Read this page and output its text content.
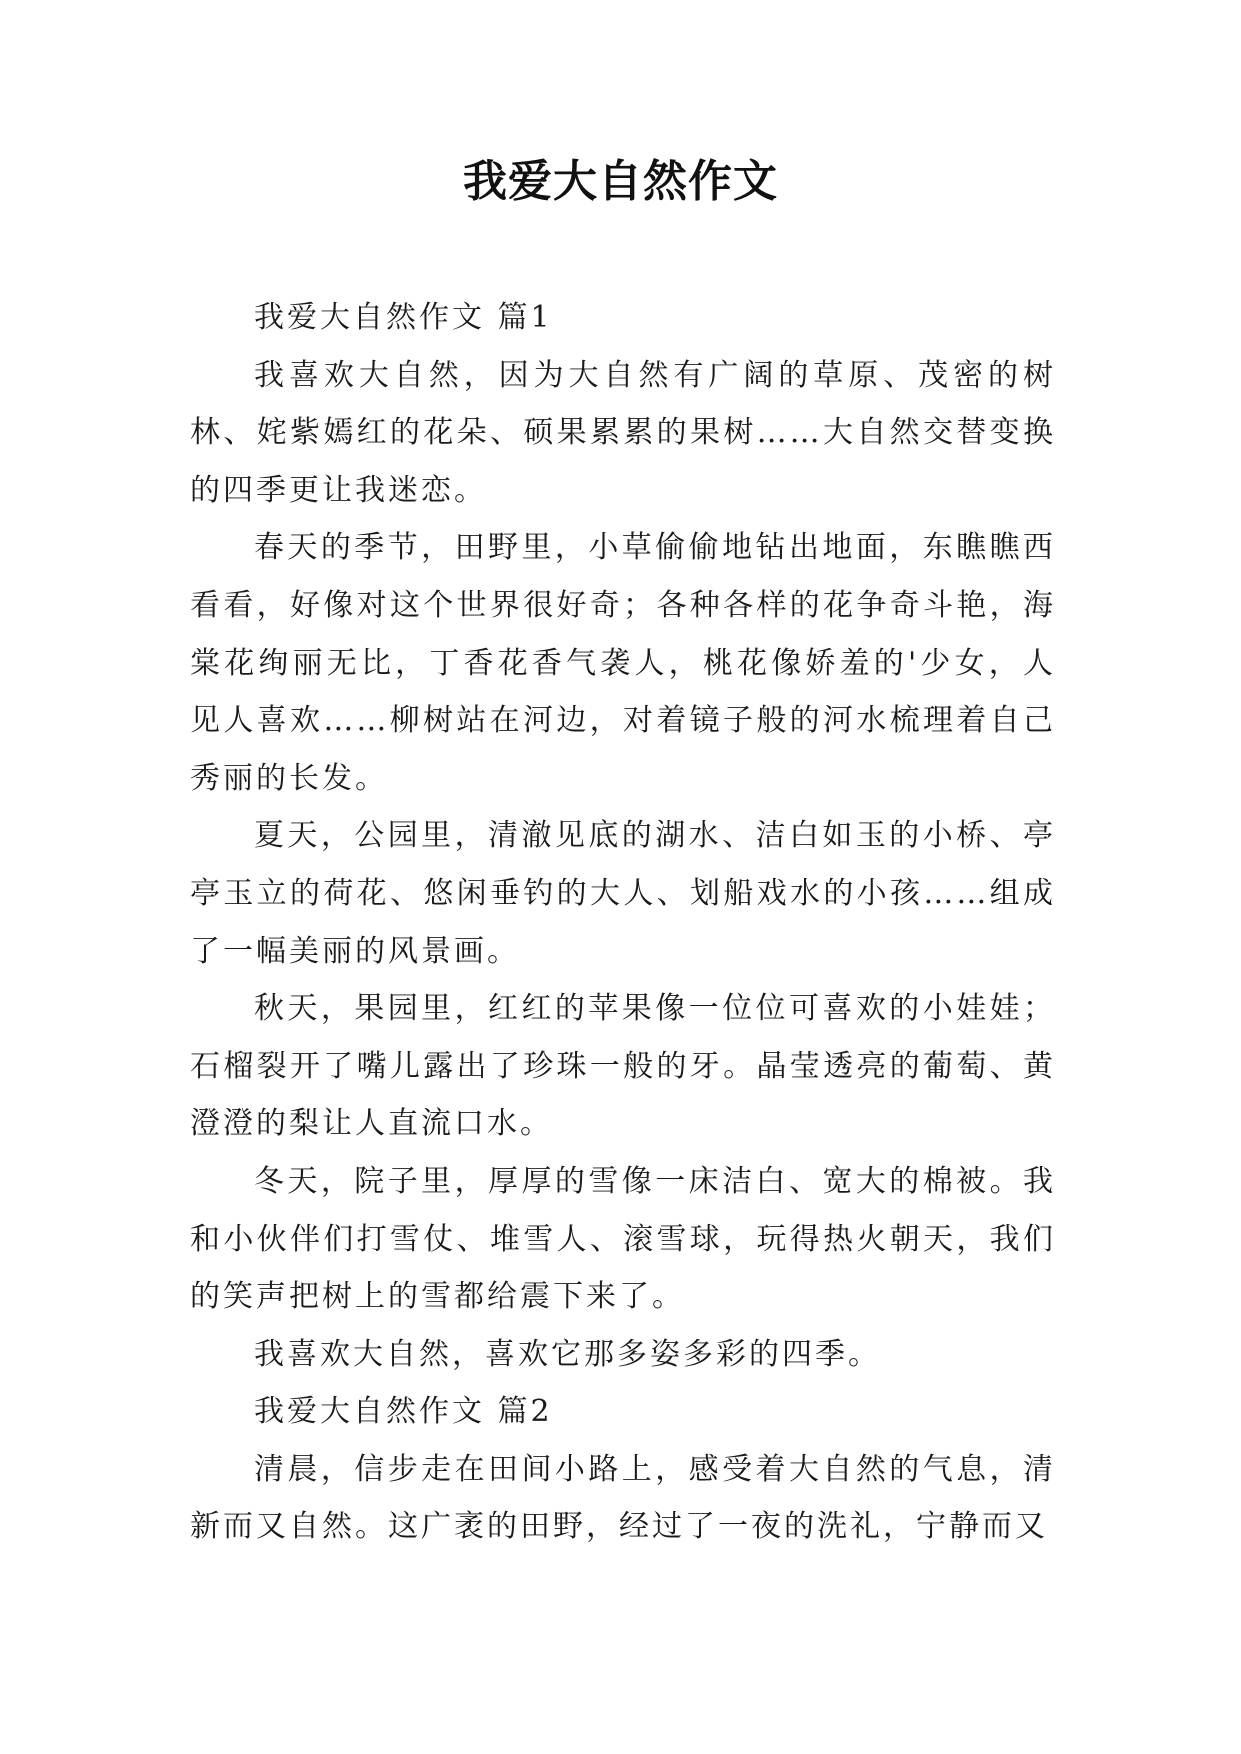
我爱大自然作文

我爱大自然作文 篇1

我喜欢大自然，因为大自然有广阔的草原、茂密的树林、姹紫嫣红的花朵、硕果累累的果树……大自然交替变换的四季更让我迷恋。

春天的季节，田野里，小草偷偷地钻出地面，东瞧瞧西看看，好像对这个世界很好奇；各种各样的花争奇斗艳，海棠花绚丽无比，丁香花香气袭人，桃花像娇羞的'少女，人见人喜欢……柳树站在河边，对着镜子般的河水梳理着自己秀丽的长发。

夏天，公园里，清澈见底的湖水、洁白如玉的小桥、亭亭玉立的荷花、悠闲垂钓的大人、划船戏水的小孩……组成了一幅美丽的风景画。

秋天，果园里，红红的苹果像一位位可喜欢的小娃娃；石榴裂开了嘴儿露出了珍珠一般的牙。晶莹透亮的葡萄、黄澄澄的梨让人直流口水。

冬天，院子里，厚厚的雪像一床洁白、宽大的棉被。我和小伙伴们打雪仗、堆雪人、滚雪球，玩得热火朝天，我们的笑声把树上的雪都给震下来了。

我喜欢大自然，喜欢它那多姿多彩的四季。

我爱大自然作文 篇2

清晨，信步走在田间小路上，感受着大自然的气息，清新而又自然。这广袤的田野，经过了一夜的洗礼，宁静而又
